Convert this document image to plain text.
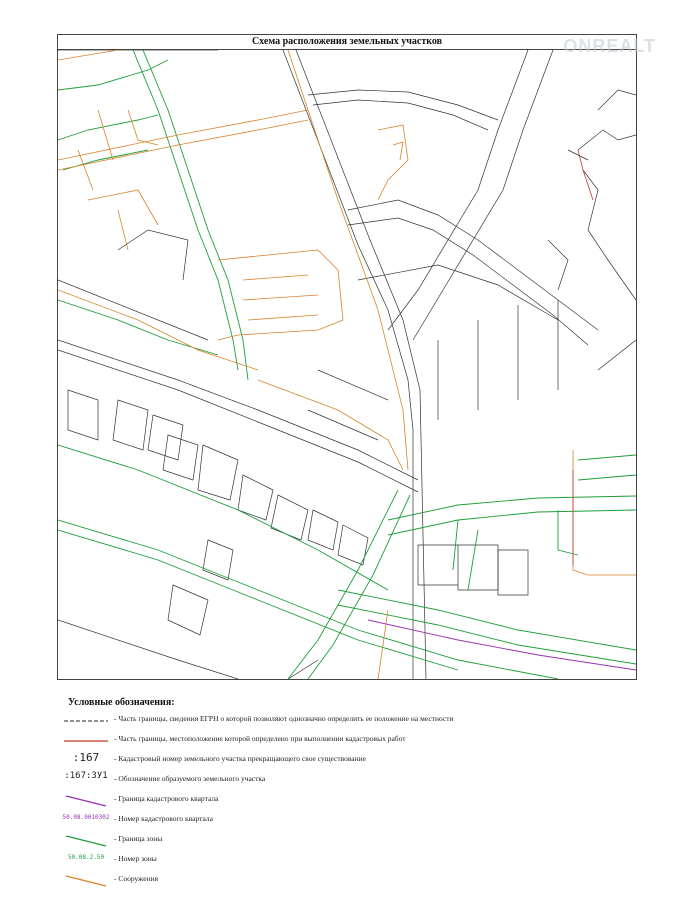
Схема расположения земельных участков	ONREALT
Условные обозначения:
- Часть границы, сведения ЕГРН о которой позволяют однозначно определить ее положение на местности
- Часть границы, местоположение которой определено при выполнении кадастровых работ
:167	- Кадастровый номер земельного участка прекращающего свое существование
:167:ЗУ1 - Обозначение образуемого земельного участка
- Граница кадастрового квартала
50.08.0010302 - Номер кадастрового квартала
- Граница зоны
50.08.2.50	- Номер зоны
- Сооружения
